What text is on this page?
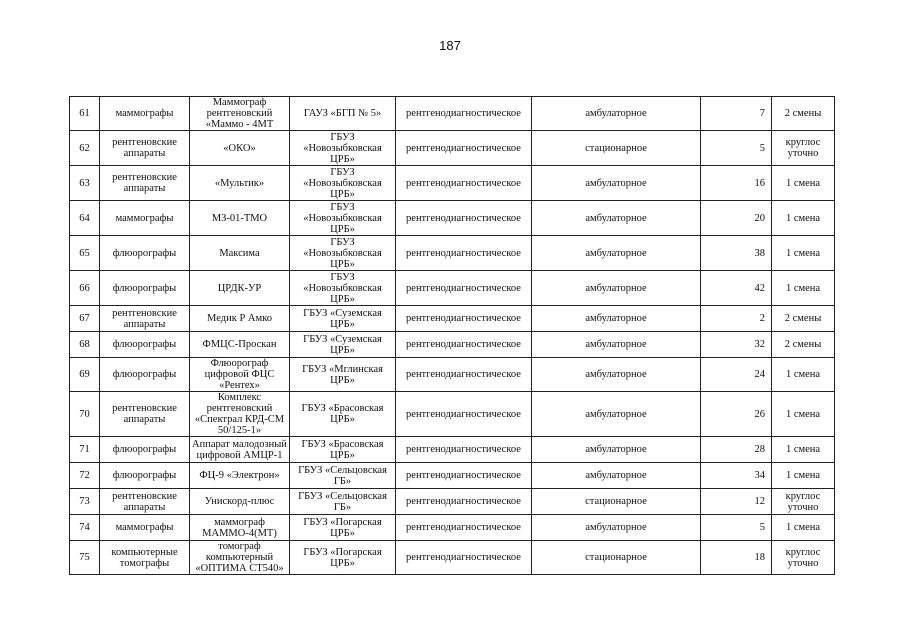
187
61	маммографы	Маммограф рентгеновский «Маммо - 4МТ	ГАУЗ «БГП № 5»	рентгенодиагностическое	амбулаторное	7	2 смены
62	рентгеновские аппараты	«ОКО»	ГБУЗ «Новозыбковская ЦРБ»	рентгенодиагностическое	стационарное	5	круглос уточно
63	рентгеновские аппараты	«Мультик»	ГБУЗ «Новозыбковская ЦРБ»	рентгенодиагностическое	амбулаторное	16	1 смена
64	маммографы	МЗ-01-ТМО	ГБУЗ «Новозыбковская ЦРБ»	рентгенодиагностическое	амбулаторное	20	1 смена
65	флюорографы	Максима	ГБУЗ «Новозыбковская ЦРБ»	рентгенодиагностическое	амбулаторное	38	1 смена
66	флюорографы	ЦРДК-УР	ГБУЗ «Новозыбковская ЦРБ»	рентгенодиагностическое	амбулаторное	42	1 смена
67	рентгеновские аппараты	Медик Р Амко	ГБУЗ «Суземская ЦРБ»	рентгенодиагностическое	амбулаторное	2	2 смены
68	флюорографы	ФМЦС-Проскан	ГБУЗ «Суземская ЦРБ»	рентгенодиагностическое	амбулаторное	32	2 смены
69	флюорографы	Флюорограф цифровой ФЦС «Рентех»	ГБУЗ «Мглинская ЦРБ»	рентгенодиагностическое	амбулаторное	24	1 смена
70	рентгеновские аппараты	Комплекс рентгеновский «Спектрал КРД-СМ 50/125-1»	ГБУЗ «Брасовская ЦРБ»	рентгенодиагностическое	амбулаторное	26	1 смена
71	флюорографы	Аппарат малодозный цифровой АМЦР-1	ГБУЗ «Брасовская ЦРБ»	рентгенодиагностическое	амбулаторное	28	1 смена
72	флюорографы	ФЦ-9 «Электрон»	ГБУЗ «Сельцовская ГБ»	рентгенодиагностическое	амбулаторное	34	1 смена
73	рентгеновские аппараты	Унискорд-плюс	ГБУЗ «Сельцовская ГБ»	рентгенодиагностическое	стационарное	12	круглос уточно
74	маммографы	маммограф МАММО-4(МТ)	ГБУЗ «Погарская ЦРБ»	рентгенодиагностическое	амбулаторное	5	1 смена
75	компьютерные томографы	томограф компьютерный «ОПТИМА СТ540»	ГБУЗ «Погарская ЦРБ»	рентгенодиагностическое	стационарное	18	круглос уточно
